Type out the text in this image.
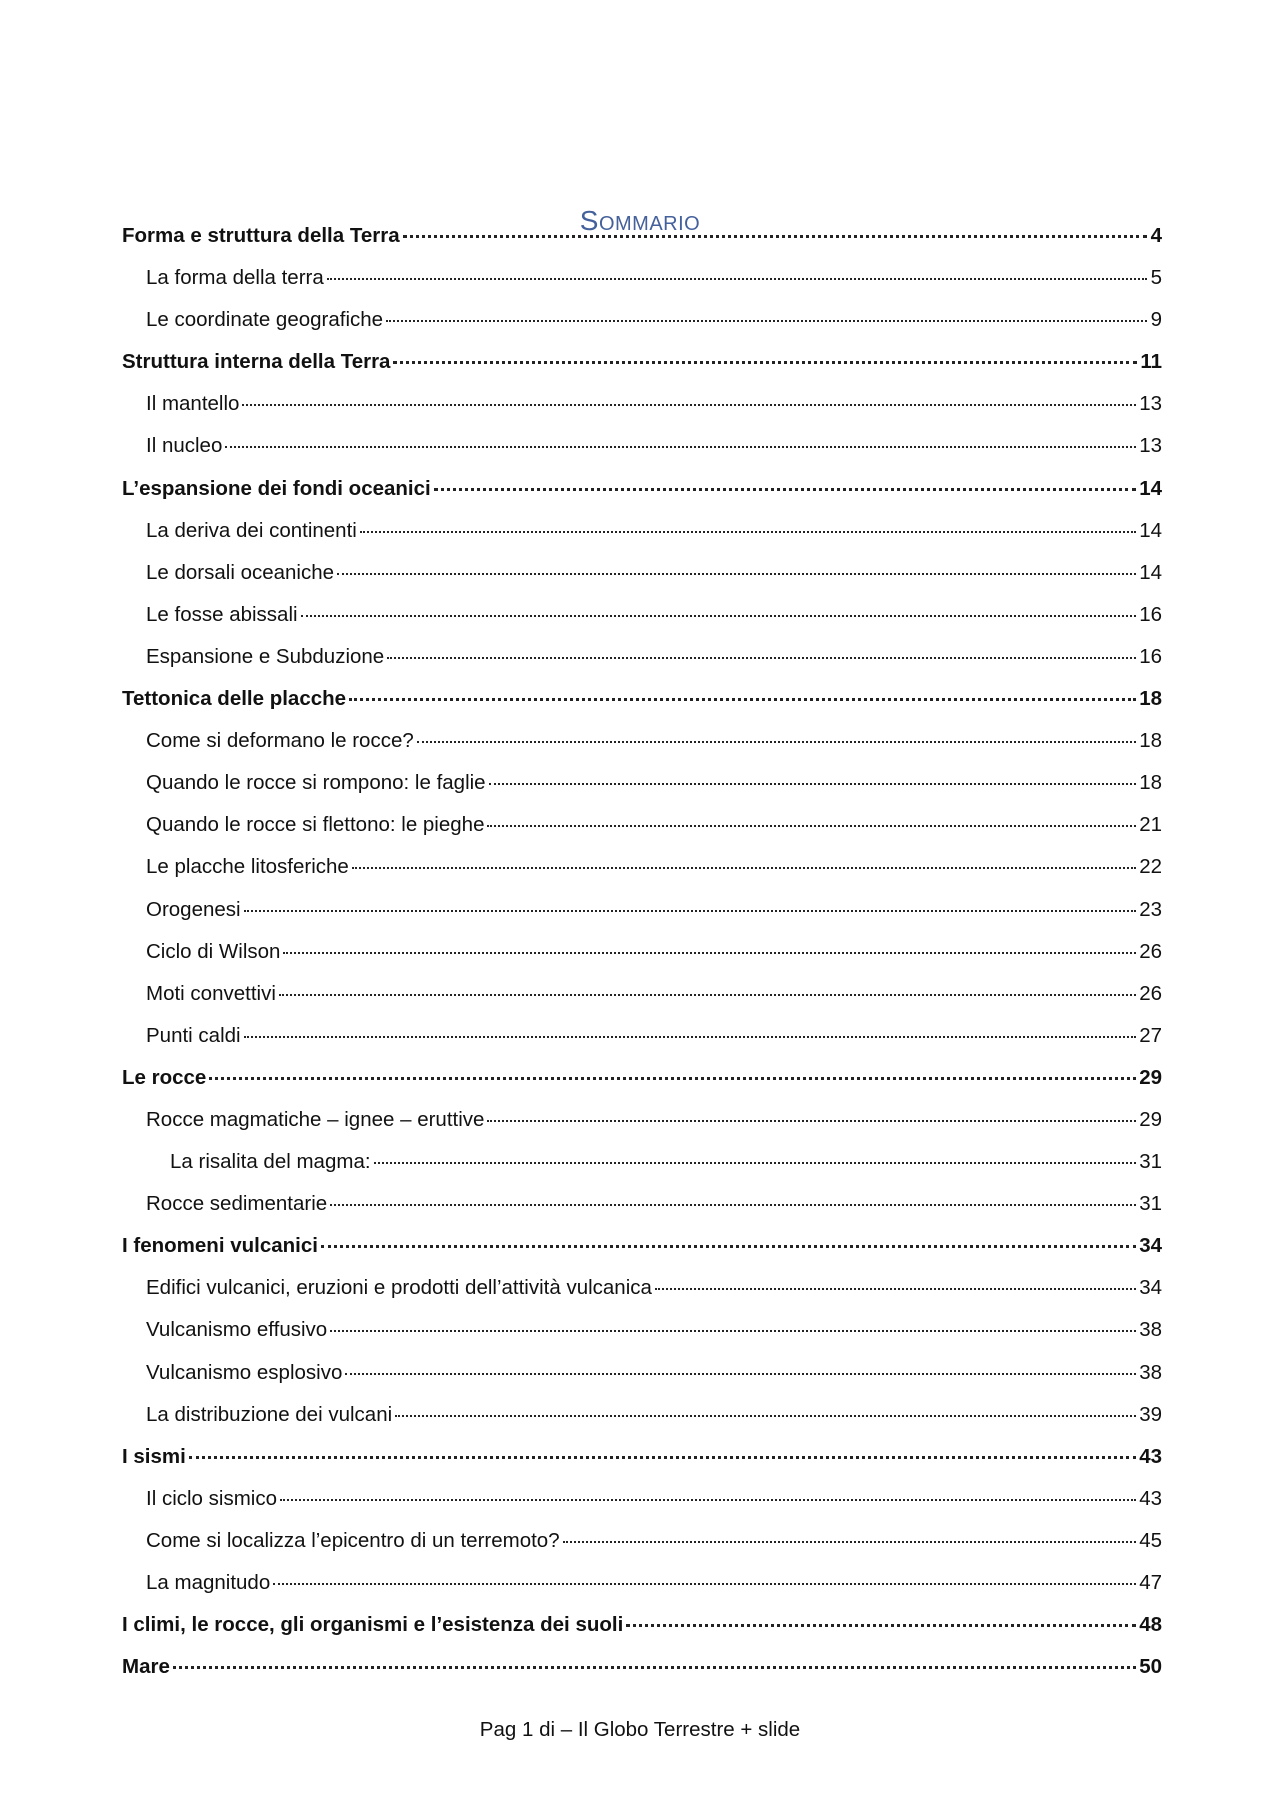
Sommario
Forma e struttura della Terra	4
La forma della terra	5
Le coordinate geografiche	9
Struttura interna della Terra	11
Il mantello	13
Il nucleo	13
L’espansione dei fondi oceanici	14
La deriva dei continenti	14
Le dorsali oceaniche	14
Le fosse abissali	16
Espansione e Subduzione	16
Tettonica delle placche	18
Come si deformano le rocce?	18
Quando le rocce si rompono: le faglie	18
Quando le rocce si flettono: le pieghe	21
Le placche litosferiche	22
Orogenesi	23
Ciclo di Wilson	26
Moti convettivi	26
Punti caldi	27
Le rocce	29
Rocce magmatiche – ignee – eruttive	29
La risalita del magma:	31
Rocce sedimentarie	31
I fenomeni vulcanici	34
Edifici vulcanici, eruzioni e prodotti dell’attività vulcanica	34
Vulcanismo effusivo	38
Vulcanismo esplosivo	38
La distribuzione dei vulcani	39
I sismi	43
Il ciclo sismico	43
Come si localizza l’epicentro di un terremoto?	45
La magnitudo	47
I climi, le rocce, gli organismi e l’esistenza dei suoli	48
Mare	50
Pag 1 di – Il Globo Terrestre + slide
